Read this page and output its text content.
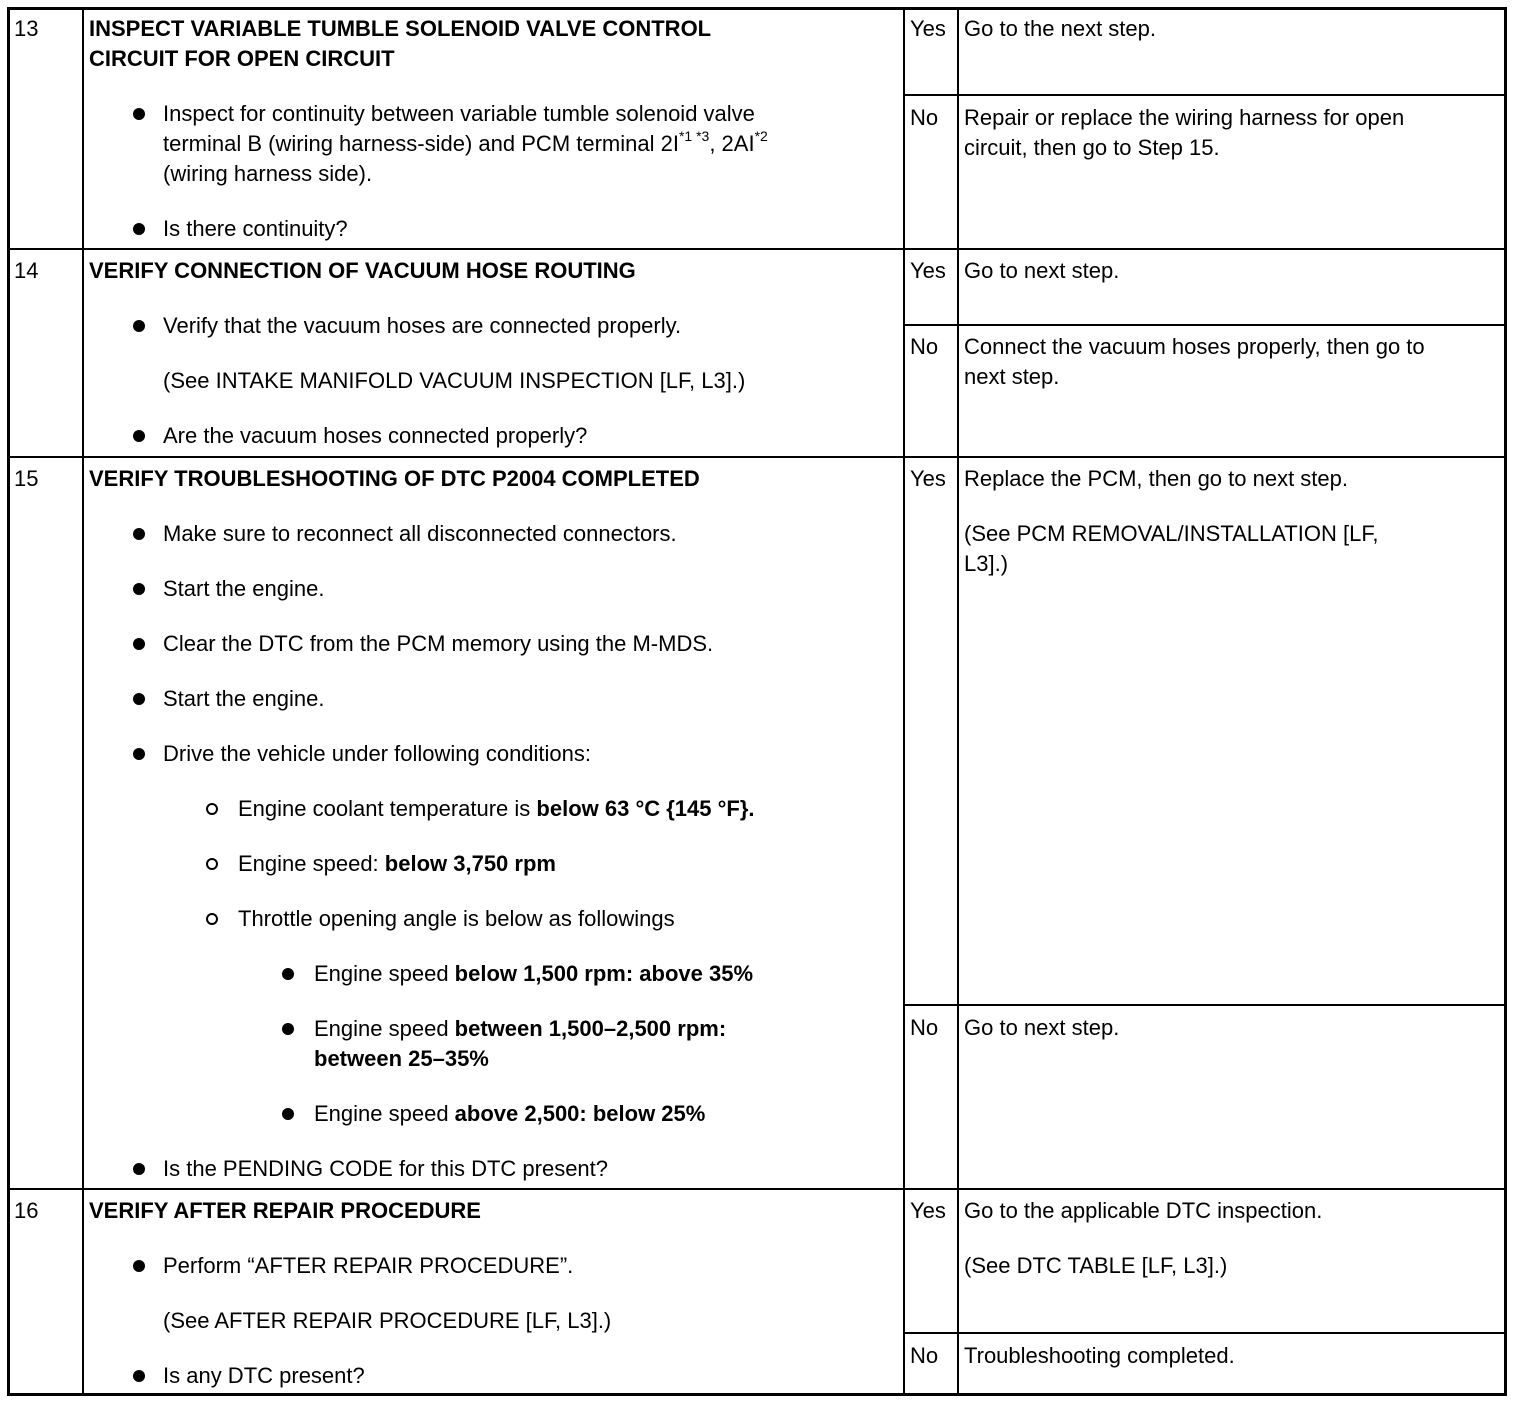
13 INSPECT VARIABLE TUMBLE SOLENOID VALVE CONTROL
CIRCUIT FOR OPEN CIRCUIT
Inspect for continuity between variable tumble solenoid valve
terminal B (wiring harness-side) and PCM terminal $2I^{*1 *3}$, 2AI$^{*2}$
(wiring harness side).
Is there continuity?
Yes Go to the next step.
No Repair or replace the wiring harness for open
circuit, then go to Step 15.
14 VERIFY CONNECTION OF VACUUM HOSE ROUTING
Verify that the vacuum hoses are connected properly.
(See INTAKE MANIFOLD VACUUM INSPECTION [LF, L3].)
Are the vacuum hoses connected properly?
Yes Go to next step.
No Connect the vacuum hoses properly, then go to
next step.
15 VERIFY TROUBLESHOOTING OF DTC P2004 COMPLETED
Make sure to reconnect all disconnected connectors.
Start the engine.
Clear the DTC from the PCM memory using the M-MDS.
Start the engine.
Drive the vehicle under following conditions:
Engine coolant temperature is below 63 °C {145 °F}.
Engine speed: below 3,750 rpm
Throttle opening angle is below as followings
Engine speed below 1,500 rpm: above 35%
Engine speed between 1,500–2,500 rpm:
between 25–35%
Engine speed above 2,500: below 25%
Is the PENDING CODE for this DTC present?
Yes Replace the PCM, then go to next step.
(See PCM REMOVAL/INSTALLATION [LF,
L3].)
No Go to next step.
16 VERIFY AFTER REPAIR PROCEDURE
Perform “AFTER REPAIR PROCEDURE”.
(See AFTER REPAIR PROCEDURE [LF, L3].)
Is any DTC present?
Yes Go to the applicable DTC inspection.
(See DTC TABLE [LF, L3].)
No Troubleshooting completed.
